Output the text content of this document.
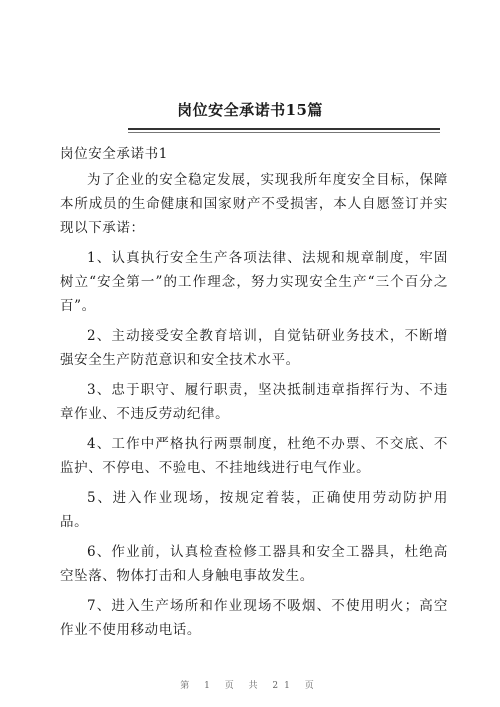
岗位安全承诺书15篇

岗位安全承诺书1

为了企业的安全稳定发展，实现我所年度安全目标，保障本所成员的生命健康和国家财产不受损害，本人自愿签订并实现以下承诺：

1、认真执行安全生产各项法律、法规和规章制度，牢固树立“安全第一”的工作理念，努力实现安全生产“三个百分之百”。

2、主动接受安全教育培训，自觉钻研业务技术，不断增强安全生产防范意识和安全技术水平。

3、忠于职守、履行职责，坚决抵制违章指挥行为、不违章作业、不违反劳动纪律。

4、工作中严格执行两票制度，杜绝不办票、不交底、不监护、不停电、不验电、不挂地线进行电气作业。

5、进入作业现场，按规定着装，正确使用劳动防护用品。

6、作业前，认真检查检修工器具和安全工器具，杜绝高空坠落、物体打击和人身触电事故发生。

7、进入生产场所和作业现场不吸烟、不使用明火；高空作业不使用移动电话。

第 1 页 共 21 页
